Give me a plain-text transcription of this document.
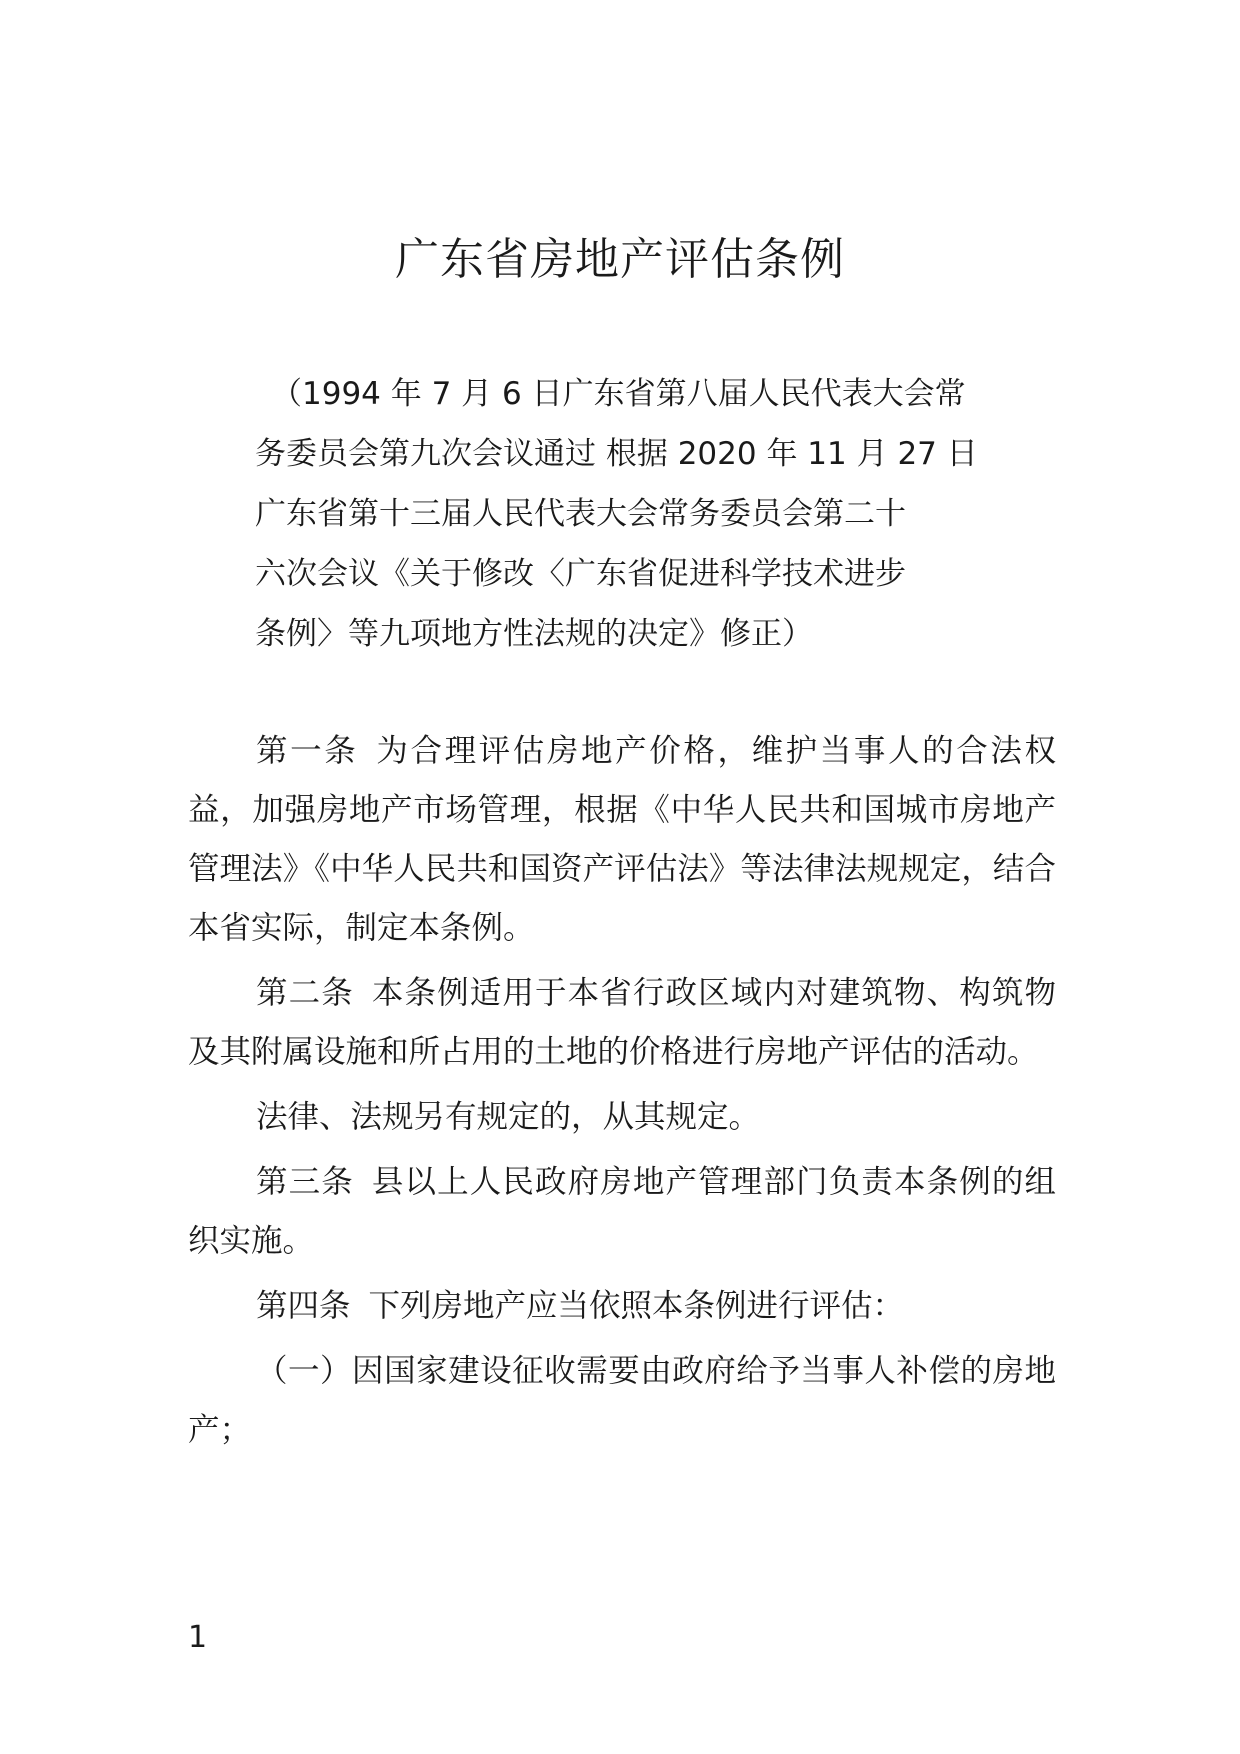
广东省房地产评估条例
（1994 年 7 月 6 日广东省第八届人民代表大会常
务委员会第九次会议通过 根据 2020 年 11 月 27 日
广东省第十三届人民代表大会常务委员会第二十
六次会议《关于修改〈广东省促进科学技术进步
条例〉等九项地方性法规的决定》修正）

第一条 为合理评估房地产价格，维护当事人的合法权益，加强房地产市场管理，根据《中华人民共和国城市房地产管理法》《中华人民共和国资产评估法》等法律法规规定，结合本省实际，制定本条例。

第二条 本条例适用于本省行政区域内对建筑物、构筑物及其附属设施和所占用的土地的价格进行房地产评估的活动。

法律、法规另有规定的，从其规定。

第三条 县以上人民政府房地产管理部门负责本条例的组织实施。

第四条 下列房地产应当依照本条例进行评估：

（一）因国家建设征收需要由政府给予当事人补偿的房地产；

1
